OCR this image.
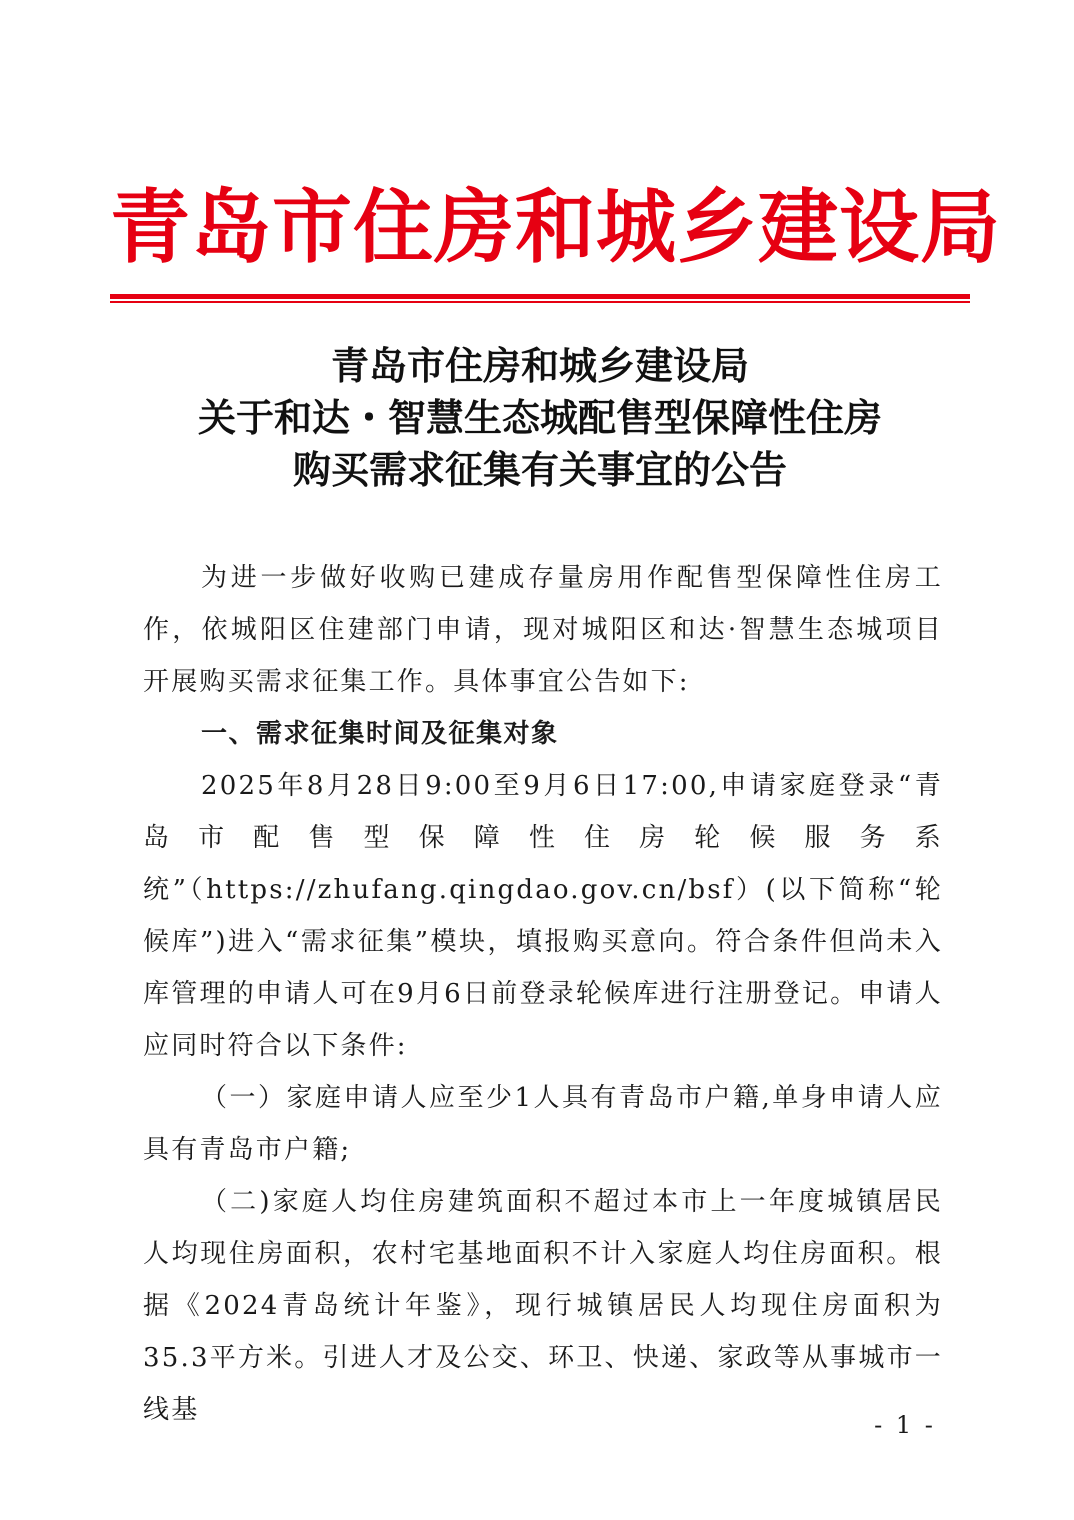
青岛市住房和城乡建设局
青岛市住房和城乡建设局
关于和达・智慧生态城配售型保障性住房
购买需求征集有关事宜的公告

为进一步做好收购已建成存量房用作配售型保障性住房工作，依城阳区住建部门申请，现对城阳区和达·智慧生态城项目开展购买需求征集工作。具体事宜公告如下:

一、需求征集时间及征集对象

2025年8月28日9:00至9月6日17:00,申请家庭登录“青岛市配售型保障性住房轮候服务系统”（https://zhufang.qingdao.gov.cn/bsf）(以下简称“轮候库”)进入“需求征集”模块，填报购买意向。符合条件但尚未入库管理的申请人可在9月6日前登录轮候库进行注册登记。申请人应同时符合以下条件:

（一）家庭申请人应至少1人具有青岛市户籍,单身申请人应具有青岛市户籍;

（二)家庭人均住房建筑面积不超过本市上一年度城镇居民人均现住房面积，农村宅基地面积不计入家庭人均住房面积。根据《2024青岛统计年鉴》，现行城镇居民人均现住房面积为35.3平方米。引进人才及公交、环卫、快递、家政等从事城市一线基	- 1 -
